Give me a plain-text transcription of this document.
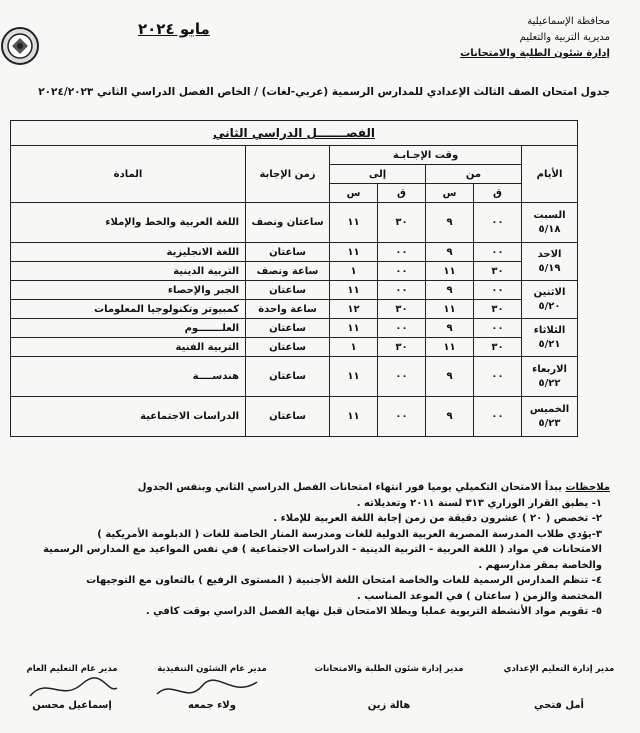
محافظة الإسماعيلية
مديرية التربية والتعليم
إدارة شئون الطلبة والامتحانات
مايو ٢٠٢٤
جدول امتحان الصف الثالث الإعدادي للمدارس الرسمية (عربي-لغات) / الخاص الفصل الدراسي الثاني ٢٠٢٤/٢٠٢٣
الفصـــــــل الدراسي الثاني						
الأيام	وقت الإجـابـة				زمن الإجابة	المادة
	من		إلى			
	ق	س	ق	س		
السبت
٥/١٨	٠٠	٩	٣٠	١١	ساعتان ونصف	اللغة العربية والخط والإملاء
الاحد
٥/١٩	٠٠	٩	٠٠	١١	ساعتان	اللغة الانجليزية
	٣٠	١١	٠٠	١	ساعة ونصف	التربية الدينية
الاثنين
٥/٢٠	٠٠	٩	٠٠	١١	ساعتان	الجبر والإحصاء
	٣٠	١١	٣٠	١٢	ساعة واحدة	كمبيوتر وتكنولوجيا المعلومات
الثلاثاء
٥/٢١	٠٠	٩	٠٠	١١	ساعتان	العلـــــــوم
	٣٠	١١	٣٠	١	ساعتان	التربية الفنية
الاربعاء
٥/٢٢	٠٠	٩	٠٠	١١	ساعتان	هندســــة
الخميس
٥/٢٣	٠٠	٩	٠٠	١١	ساعتان	الدراسات الاجتماعية
ملاحظات يبدأ الامتحان التكميلي يوميا فور انتهاء امتحانات الفصل الدراسي الثاني وبنفس الجدول
١- يطبق القرار الوزاري ٣١٣ لسنة ٢٠١١ وتعديلاته .
٢- تخصص ( ٢٠ ) عشرون دقيقة من زمن إجابة اللغة العربية للإملاء .
٣-يؤدي طلاب المدرسة المصرية العربية الدولية للغات ومدرسة المنار الخاصة للغات ( الدبلومة الأمريكية )
الامتحانات في مواد ( اللغة العربية - التربية الدينية - الدراسات الاجتماعية ) في نفس المواعيد مع المدارس الرسمية
والخاصة بمقر مدارسهم .
٤- تنظم المدارس الرسمية للغات والخاصة امتحان اللغة الأجنبية ( المستوى الرفيع ) بالتعاون مع التوجيهات
المختصة والزمن ( ساعتان ) في الموعد المناسب .
٥- تقويم مواد الأنشطة التربوية عمليا ويطلا الامتحان قبل نهاية الفصل الدراسي بوقت كافي .
مدير إدارة التعليم الإعدادي
أمل فتحي
مدير إدارة شئون الطلبة والامتحانات
هالة زين
مدير عام الشئون التنفيذية
ولاء جمعه
مدير عام التعليم العام
إسماعيل محسن
